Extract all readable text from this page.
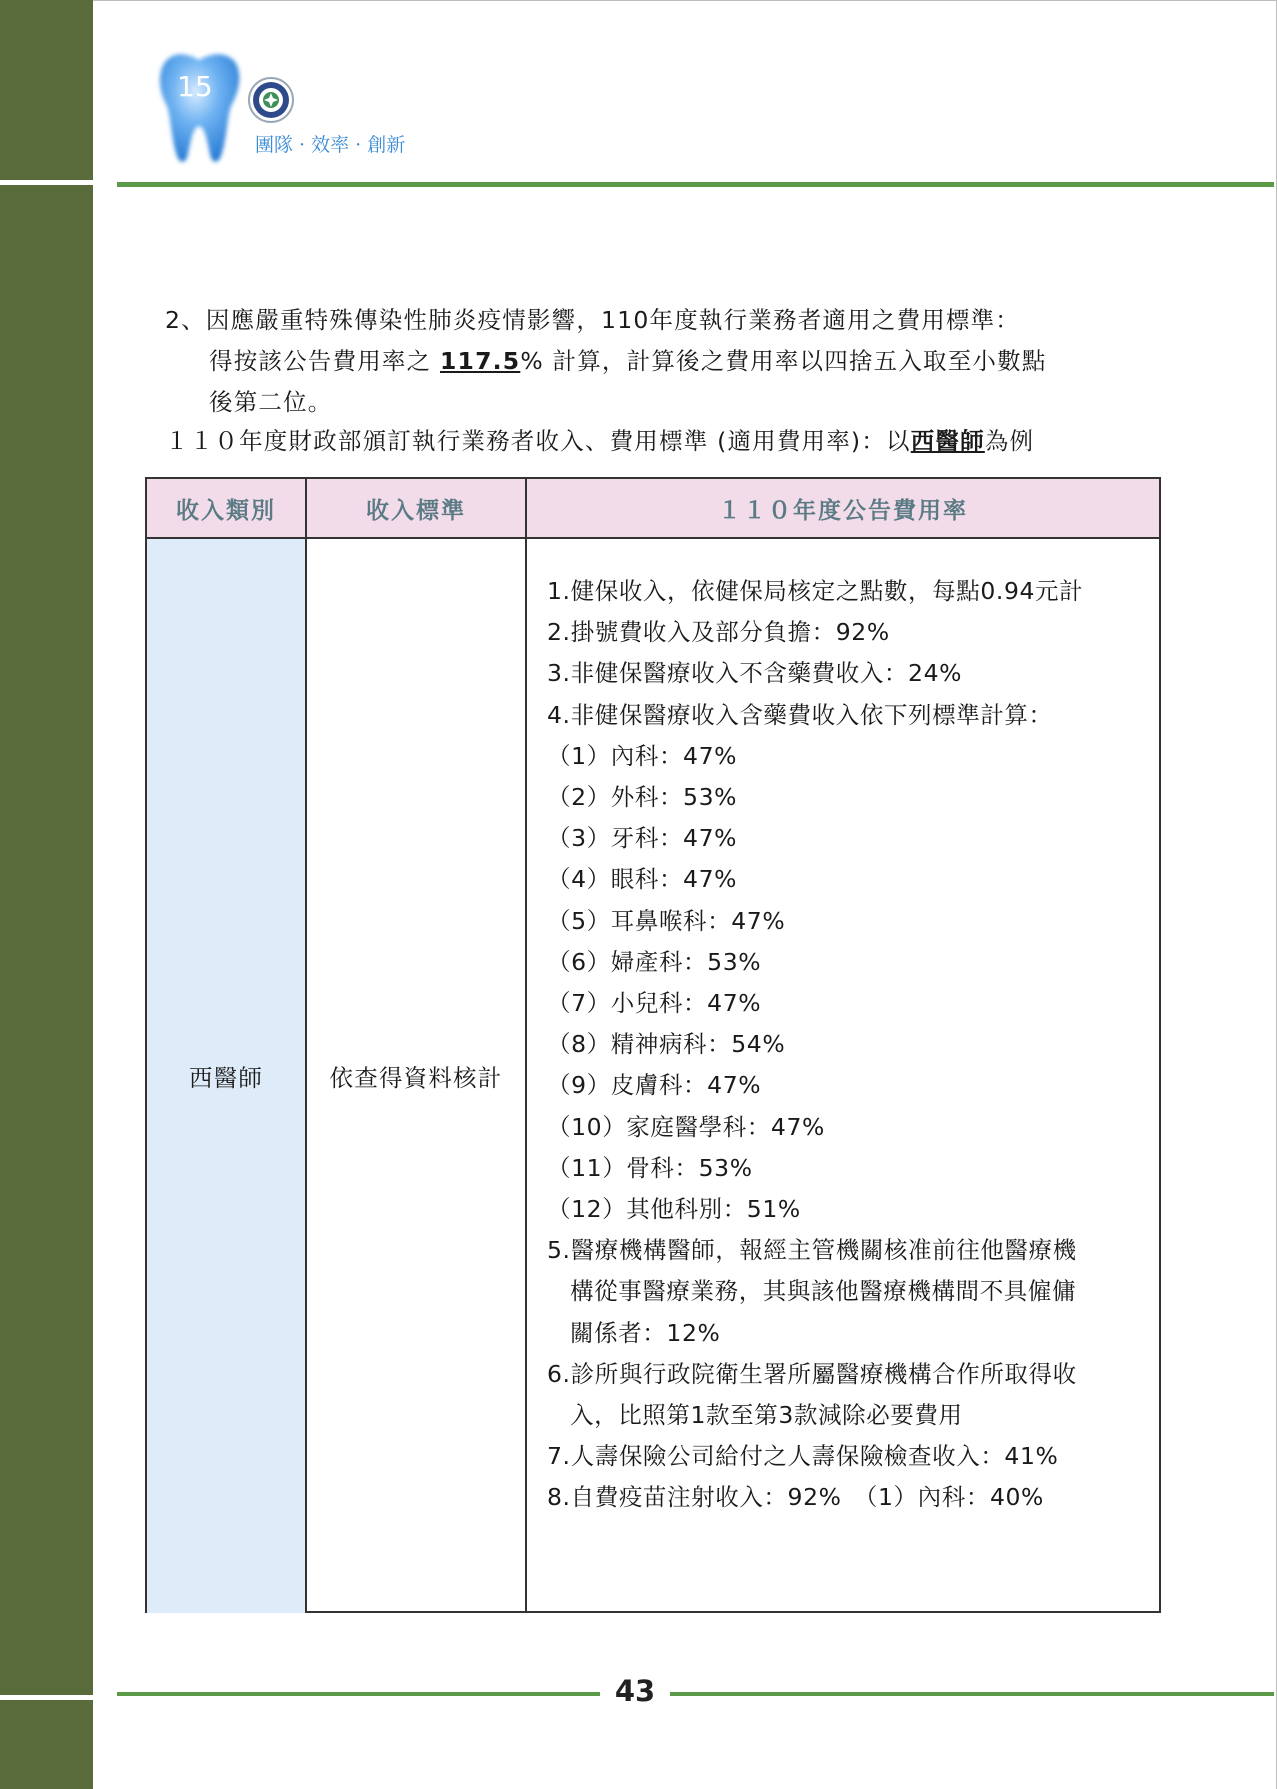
15
團隊 · 效率 · 創新
2、因應嚴重特殊傳染性肺炎疫情影響，110年度執行業務者適用之費用標準：
得按該公告費用率之 117.5% 計算，計算後之費用率以四捨五入取至小數點
後第二位。
１１０年度財政部頒訂執行業務者收入、費用標準 (適用費用率)：以西醫師為例
收入類別	收入標準	１１０年度公告費用率
西醫師	依查得資料核計
1.健保收入，依健保局核定之點數，每點0.94元計
2.掛號費收入及部分負擔：92%
3.非健保醫療收入不含藥費收入：24%
4.非健保醫療收入含藥費收入依下列標準計算：
（1）內科：47%
（2）外科：53%
（3）牙科：47%
（4）眼科：47%
（5）耳鼻喉科：47%
（6）婦產科：53%
（7）小兒科：47%
（8）精神病科：54%
（9）皮膚科：47%
（10）家庭醫學科：47%
（11）骨科：53%
（12）其他科別：51%
5.醫療機構醫師，報經主管機關核准前往他醫療機
構從事醫療業務，其與該他醫療機構間不具僱傭
關係者：12%
6.診所與行政院衛生署所屬醫療機構合作所取得收
入，比照第1款至第3款減除必要費用
7.人壽保險公司給付之人壽保險檢查收入：41%
8.自費疫苗注射收入：92%　（1）內科：40%
43
